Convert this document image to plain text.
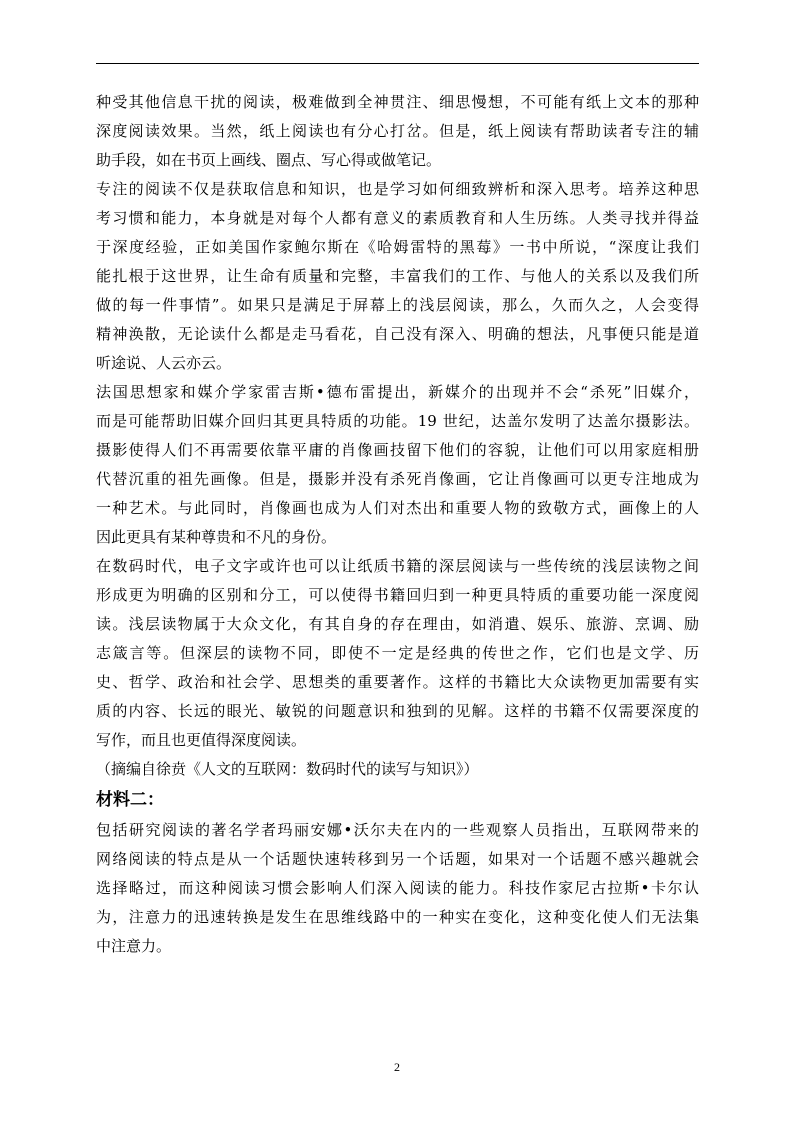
种受其他信息干扰的阅读，极难做到全神贯注、细思慢想，不可能有纸上文本的那种
深度阅读效果。当然，纸上阅读也有分心打岔。但是，纸上阅读有帮助读者专注的辅
助手段，如在书页上画线、圈点、写心得或做笔记。
专注的阅读不仅是获取信息和知识，也是学习如何细致辨析和深入思考。培养这种思
考习惯和能力，本身就是对每个人都有意义的素质教育和人生历练。人类寻找并得益
于深度经验，正如美国作家鲍尔斯在《哈姆雷特的黑莓》一书中所说，“深度让我们
能扎根于这世界，让生命有质量和完整，丰富我们的工作、与他人的关系以及我们所
做的每一件事情”。如果只是满足于屏幕上的浅层阅读，那么，久而久之，人会变得
精神涣散，无论读什么都是走马看花，自己没有深入、明确的想法，凡事便只能是道
听途说、人云亦云。
法国思想家和媒介学家雷吉斯•德布雷提出，新媒介的出现并不会“杀死”旧媒介，
而是可能帮助旧媒介回归其更具特质的功能。19 世纪，达盖尔发明了达盖尔摄影法。
摄影使得人们不再需要依靠平庸的肖像画技留下他们的容貌，让他们可以用家庭相册
代替沉重的祖先画像。但是，摄影并没有杀死肖像画，它让肖像画可以更专注地成为
一种艺术。与此同时，肖像画也成为人们对杰出和重要人物的致敬方式，画像上的人
因此更具有某种尊贵和不凡的身份。
在数码时代，电子文字或许也可以让纸质书籍的深层阅读与一些传统的浅层读物之间
形成更为明确的区别和分工，可以使得书籍回归到一种更具特质的重要功能一深度阅
读。浅层读物属于大众文化，有其自身的存在理由，如消遣、娱乐、旅游、烹调、励
志箴言等。但深层的读物不同，即使不一定是经典的传世之作，它们也是文学、历
史、哲学、政治和社会学、思想类的重要著作。这样的书籍比大众读物更加需要有实
质的内容、长远的眼光、敏锐的问题意识和独到的见解。这样的书籍不仅需要深度的
写作，而且也更值得深度阅读。
（摘编自徐贲《人文的互联网：数码时代的读写与知识》）
材料二：
包括研究阅读的著名学者玛丽安娜•沃尔夫在内的一些观察人员指出，互联网带来的
网络阅读的特点是从一个话题快速转移到另一个话题，如果对一个话题不感兴趣就会
选择略过，而这种阅读习惯会影响人们深入阅读的能力。科技作家尼古拉斯•卡尔认
为，注意力的迅速转换是发生在思维线路中的一种实在变化，这种变化使人们无法集
中注意力。
2
